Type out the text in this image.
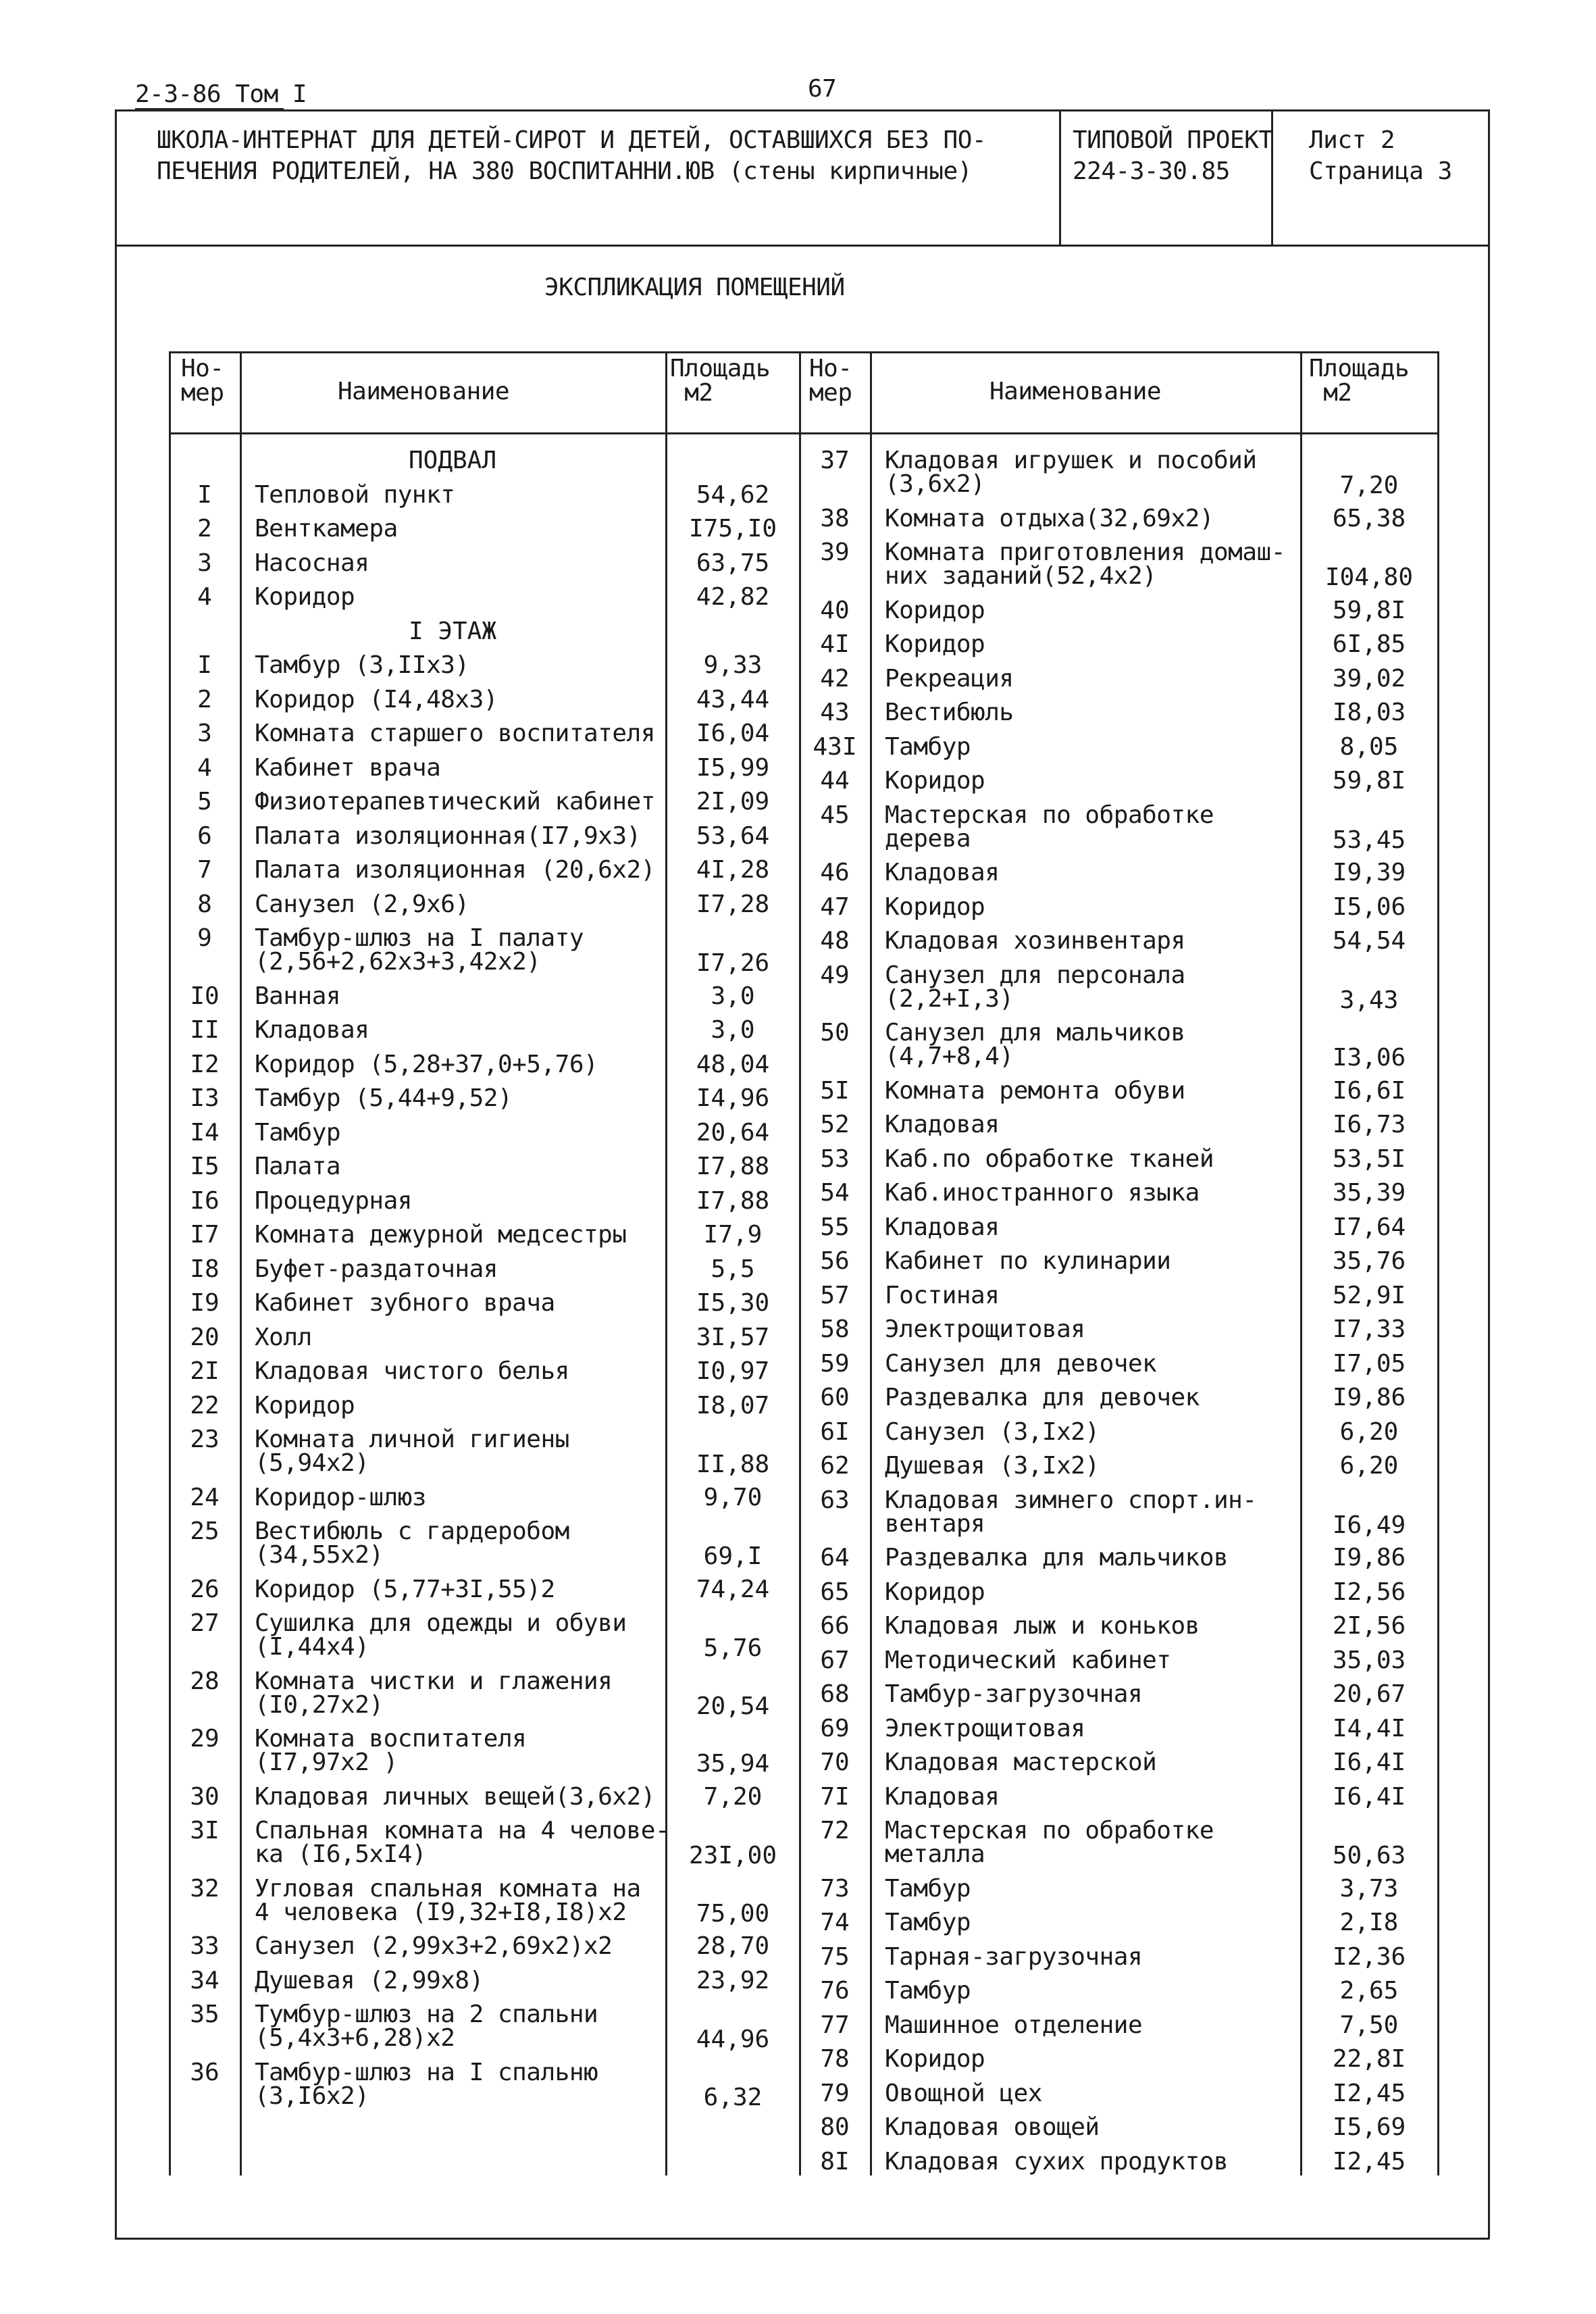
2-3-86 Том I	67
ШКОЛА-ИНТЕРНАТ ДЛЯ ДЕТЕЙ-СИРОТ И ДЕТЕЙ, ОСТАВШИХСЯ БЕЗ ПО-
ПЕЧЕНИЯ РОДИТЕЛЕЙ, НА 380 ВОСПИТАННИ.ЮВ (стены кирпичные)
ТИПОВОЙ ПРОЕКТ
224-3-30.85
Лист 2
Страница 3
ЭКСПЛИКАЦИЯ ПОМЕЩЕНИЙ
Но-
мер	Наименование
Площадь
м2
Но-
мер	Наименование
Площадь
м2
ПОДВАЛ
I	Тепловой пункт	54,62
2	Венткамера	I75,I0
3	Насосная	63,75
4	Коридор	42,82
I ЭТАЖ
I	Тамбур (3,IIx3)	9,33
2	Коридор (I4,48x3)	43,44
3	Комната старшего воспитателя	I6,04
4	Кабинет врача	I5,99
5	Физиотерапевтический кабинет	2I,09
6	Палата изоляционная(I7,9x3)	53,64
7	Палата изоляционная (20,6x2)	4I,28
8	Санузел (2,9x6)	I7,28
9	Тамбур-шлюз на I палату
(2,56+2,62x3+3,42x2)	I7,26
I0	Ванная	3,0
II	Кладовая	3,0
I2	Коридор (5,28+37,0+5,76)	48,04
I3	Тамбур (5,44+9,52)	I4,96
I4	Тамбур	20,64
I5	Палата	I7,88
I6	Процедурная	I7,88
I7	Комната дежурной медсестры	I7,9
I8	Буфет-раздаточная	5,5
I9	Кабинет зубного врача	I5,30
20	Холл	3I,57
2I	Кладовая чистого белья	I0,97
22	Коридор	I8,07
23	Комната личной гигиены
(5,94x2)	II,88
24	Коридор-шлюз	9,70
25	Вестибюль с гардеробом
(34,55x2)	69,I
26	Коридор (5,77+3I,55)2	74,24
27	Сушилка для одежды и обуви
(I,44x4)	5,76
28	Комната чистки и глажения
(I0,27x2)	20,54
29	Комната воспитателя
(I7,97x2 )	35,94
30	Кладовая личных вещей(3,6x2)	7,20
3I	Спальная комната на 4 челове-
ка (I6,5xI4)	23I,00
32	Угловая спальная комната на
4 человека (I9,32+I8,I8)x2	75,00
33	Санузел (2,99x3+2,69x2)x2	28,70
34	Душевая (2,99x8)	23,92
35	Тумбур-шлюз на 2 спальни
(5,4x3+6,28)x2	44,96
36	Тамбур-шлюз на I спальню
(3,I6x2)	6,32
37	Кладовая игрушек и пособий
(3,6x2)	7,20
38	Комната отдыха(32,69x2)	65,38
39	Комната приготовления домаш-
них заданий(52,4x2)	I04,80
40	Коридор	59,8I
4I	Коридор	6I,85
42	Рекреация	39,02
43	Вестибюль	I8,03
43I	Тамбур	8,05
44	Коридор	59,8I
45	Мастерская по обработке
дерева	53,45
46	Кладовая	I9,39
47	Коридор	I5,06
48	Кладовая хозинвентаря	54,54
49	Санузел для персонала
(2,2+I,3)	3,43
50	Санузел для мальчиков
(4,7+8,4)	I3,06
5I	Комната ремонта обуви	I6,6I
52	Кладовая	I6,73
53	Каб.по обработке тканей	53,5I
54	Каб.иностранного языка	35,39
55	Кладовая	I7,64
56	Кабинет по кулинарии	35,76
57	Гостиная	52,9I
58	Электрощитовая	I7,33
59	Санузел для девочек	I7,05
60	Раздевалка для девочек	I9,86
6I	Санузел (3,Ix2)	6,20
62	Душевая (3,Ix2)	6,20
63	Кладовая зимнего спорт.ин-
вентаря	I6,49
64	Раздевалка для мальчиков	I9,86
65	Коридор	I2,56
66	Кладовая лыж и коньков	2I,56
67	Методический кабинет	35,03
68	Тамбур-загрузочная	20,67
69	Электрощитовая	I4,4I
70	Кладовая мастерской	I6,4I
7I	Кладовая	I6,4I
72	Мастерская по обработке
металла	50,63
73	Тамбур	3,73
74	Тамбур	2,I8
75	Тарная-загрузочная	I2,36
76	Тамбур	2,65
77	Машинное отделение	7,50
78	Коридор	22,8I
79	Овощной цех	I2,45
80	Кладовая овощей	I5,69
8I	Кладовая сухих продуктов	I2,45
